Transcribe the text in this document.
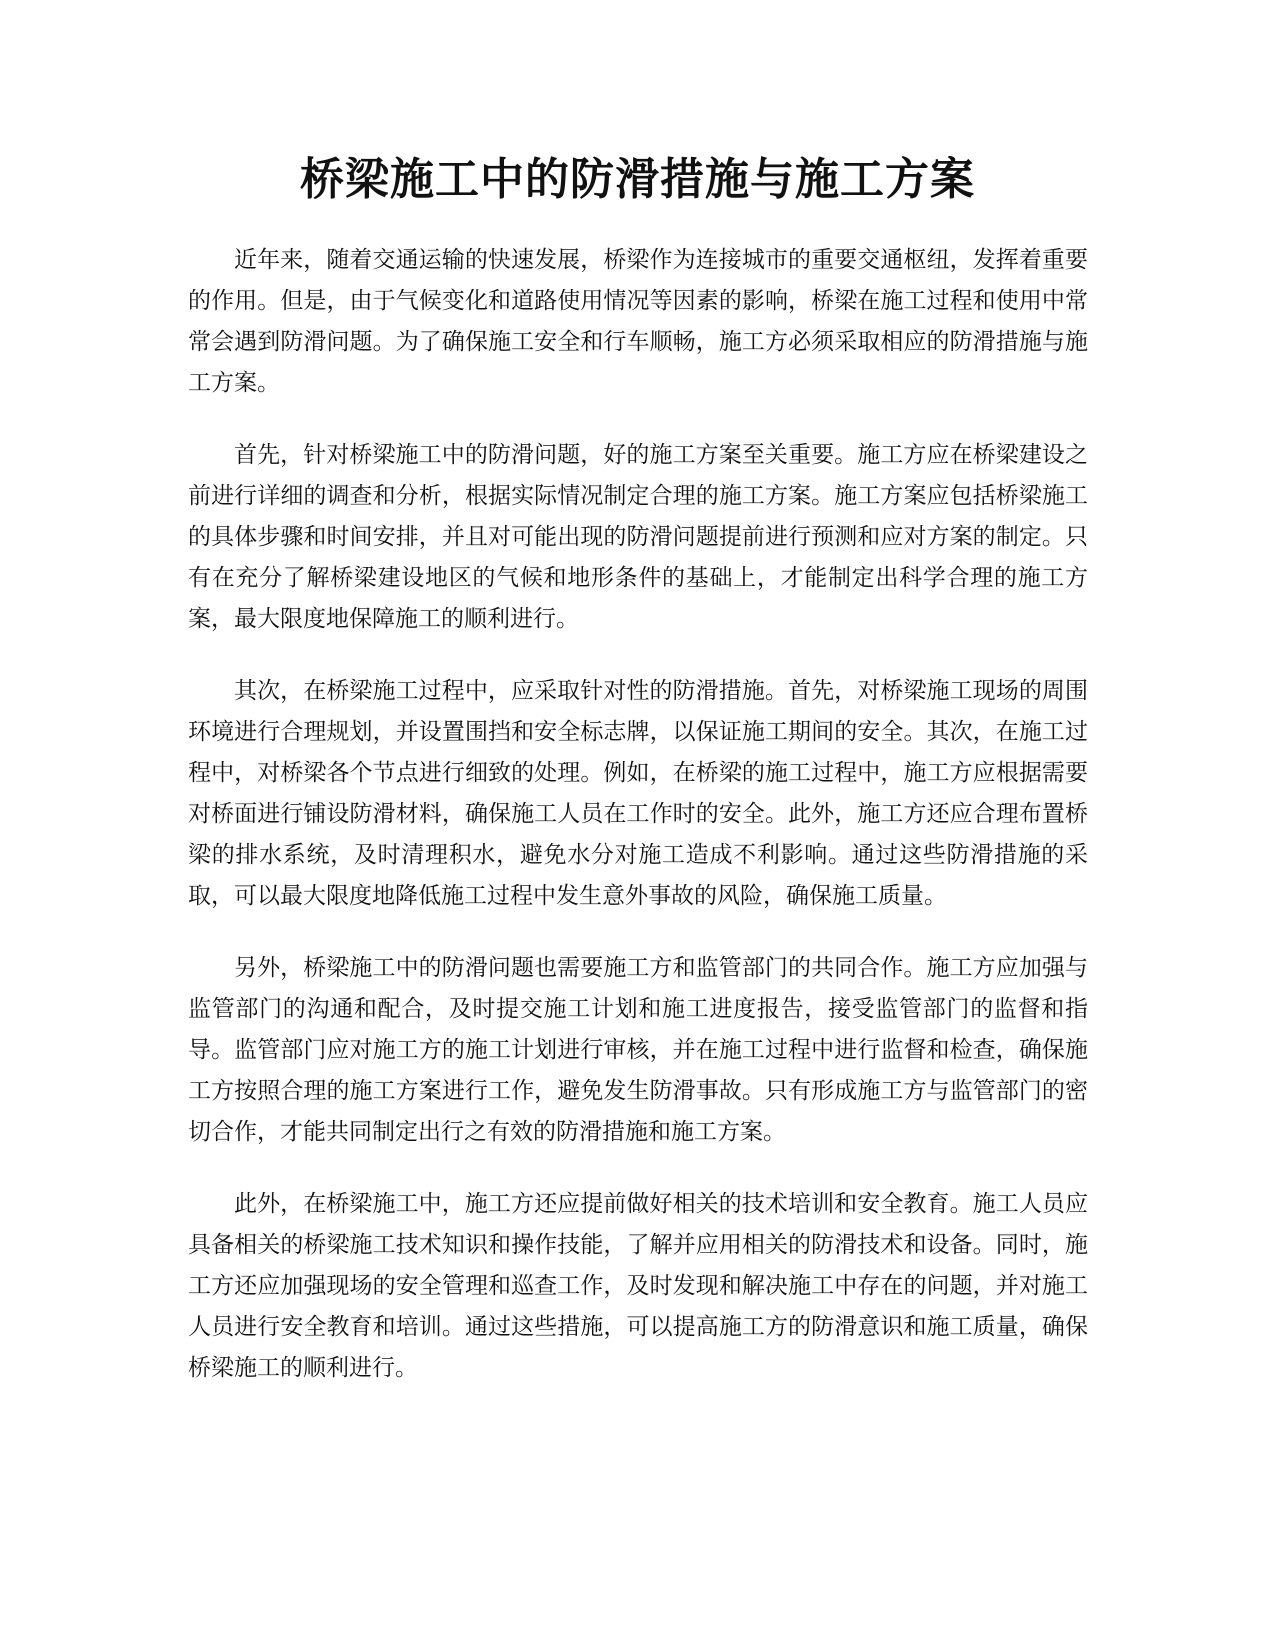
桥梁施工中的防滑措施与施工方案

近年来，随着交通运输的快速发展，桥梁作为连接城市的重要交通枢纽，发挥着重要的作用。但是，由于气候变化和道路使用情况等因素的影响，桥梁在施工过程和使用中常常会遇到防滑问题。为了确保施工安全和行车顺畅，施工方必须采取相应的防滑措施与施工方案。

首先，针对桥梁施工中的防滑问题，好的施工方案至关重要。施工方应在桥梁建设之前进行详细的调查和分析，根据实际情况制定合理的施工方案。施工方案应包括桥梁施工的具体步骤和时间安排，并且对可能出现的防滑问题提前进行预测和应对方案的制定。只有在充分了解桥梁建设地区的气候和地形条件的基础上，才能制定出科学合理的施工方案，最大限度地保障施工的顺利进行。

其次，在桥梁施工过程中，应采取针对性的防滑措施。首先，对桥梁施工现场的周围环境进行合理规划，并设置围挡和安全标志牌，以保证施工期间的安全。其次，在施工过程中，对桥梁各个节点进行细致的处理。例如，在桥梁的施工过程中，施工方应根据需要对桥面进行铺设防滑材料，确保施工人员在工作时的安全。此外，施工方还应合理布置桥梁的排水系统，及时清理积水，避免水分对施工造成不利影响。通过这些防滑措施的采取，可以最大限度地降低施工过程中发生意外事故的风险，确保施工质量。

另外，桥梁施工中的防滑问题也需要施工方和监管部门的共同合作。施工方应加强与监管部门的沟通和配合，及时提交施工计划和施工进度报告，接受监管部门的监督和指导。监管部门应对施工方的施工计划进行审核，并在施工过程中进行监督和检查，确保施工方按照合理的施工方案进行工作，避免发生防滑事故。只有形成施工方与监管部门的密切合作，才能共同制定出行之有效的防滑措施和施工方案。

此外，在桥梁施工中，施工方还应提前做好相关的技术培训和安全教育。施工人员应具备相关的桥梁施工技术知识和操作技能，了解并应用相关的防滑技术和设备。同时，施工方还应加强现场的安全管理和巡查工作，及时发现和解决施工中存在的问题，并对施工人员进行安全教育和培训。通过这些措施，可以提高施工方的防滑意识和施工质量，确保桥梁施工的顺利进行。
